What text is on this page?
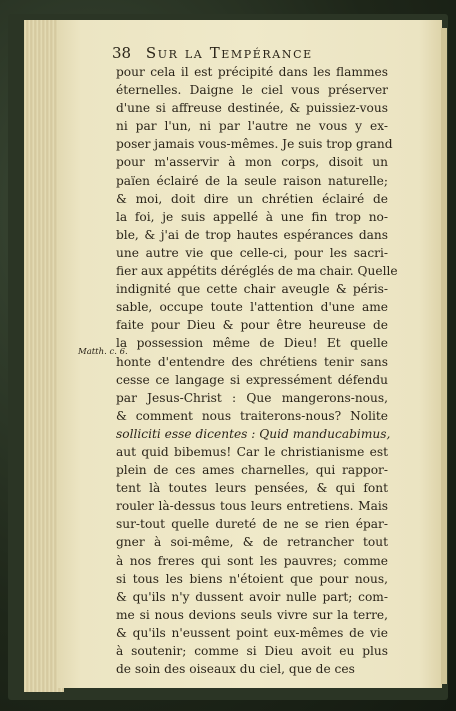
38 Sur la Tempérance
Matth. c. 6.
pour cela il est précipité dans les flammes
éternelles. Daigne le ciel vous préserver
d'une si affreuse destinée, & puissiez-vous
ni par l'un, ni par l'autre ne vous y ex-
poser jamais vous-mêmes. Je suis trop grand
pour m'asservir à mon corps, disoit un
païen éclairé de la seule raison naturelle;
& moi, doit dire un chrétien éclairé de
la foi, je suis appellé à une fin trop no-
ble, & j'ai de trop hautes espérances dans
une autre vie que celle-ci, pour les sacri-
fier aux appétits déréglés de ma chair. Quelle
indignité que cette chair aveugle & péris-
sable, occupe toute l'attention d'une ame
faite pour Dieu & pour être heureuse de
la possession même de Dieu! Et quelle
honte d'entendre des chrétiens tenir sans
cesse ce langage si expressément défendu
par Jesus-Christ : Que mangerons-nous,
& comment nous traiterons-nous? Nolite
solliciti esse dicentes : Quid manducabimus,
aut quid bibemus! Car le christianisme est
plein de ces ames charnelles, qui rappor-
tent là toutes leurs pensées, & qui font
rouler là-dessus tous leurs entretiens. Mais
sur-tout quelle dureté de ne se rien épar-
gner à soi-même, & de retrancher tout
à nos freres qui sont les pauvres; comme
si tous les biens n'étoient que pour nous,
& qu'ils n'y dussent avoir nulle part; com-
me si nous devions seuls vivre sur la terre,
& qu'ils n'eussent point eux-mêmes de vie
à soutenir; comme si Dieu avoit eu plus
de soin des oiseaux du ciel, que de ces
